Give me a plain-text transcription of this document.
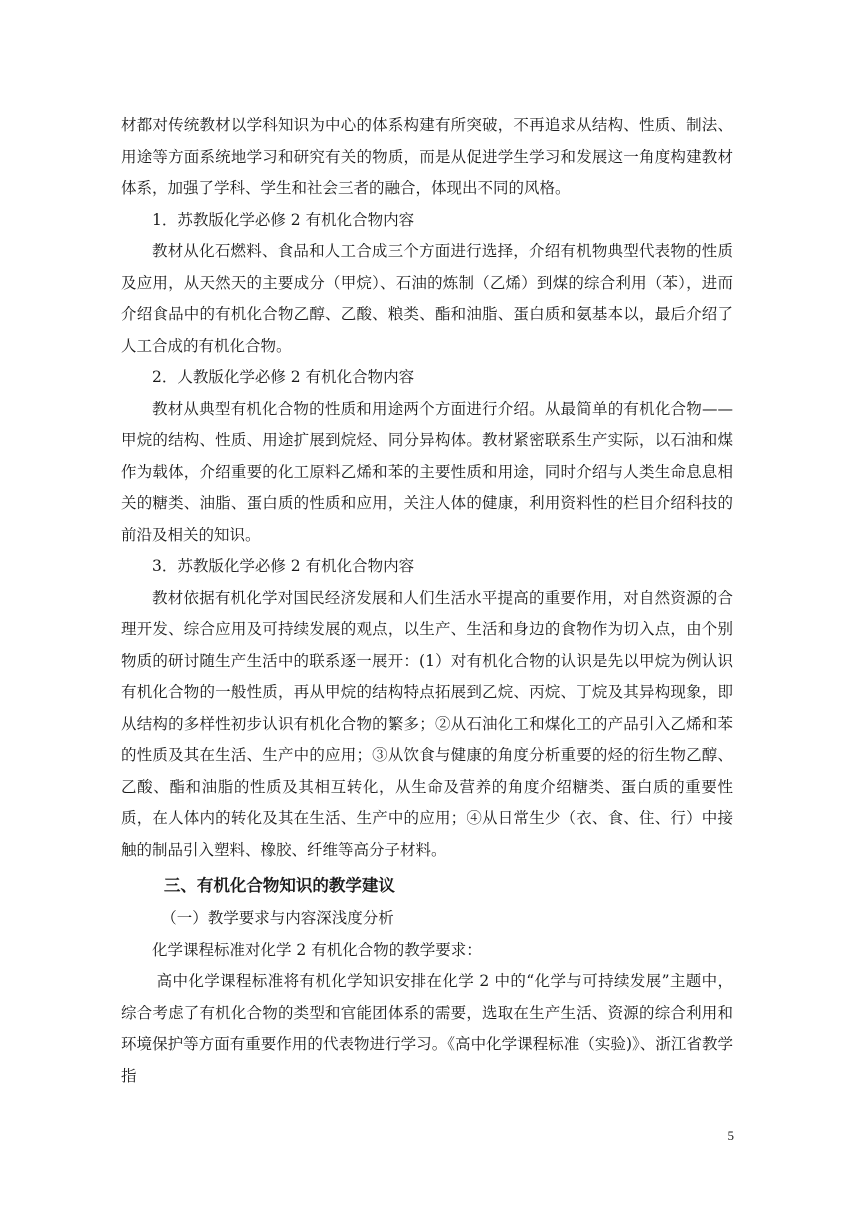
材都对传统教材以学科知识为中心的体系构建有所突破，不再追求从结构、性质、制法、用途等方面系统地学习和研究有关的物质，而是从促进学生学习和发展这一角度构建教材体系，加强了学科、学生和社会三者的融合，体现出不同的风格。

1．苏教版化学必修 2 有机化合物内容

教材从化石燃料、食品和人工合成三个方面进行选择，介绍有机物典型代表物的性质及应用，从天然天的主要成分（甲烷）、石油的炼制（乙烯）到煤的综合利用（苯），进而介绍食品中的有机化合物乙醇、乙酸、粮类、酯和油脂、蛋白质和氨基本以，最后介绍了人工合成的有机化合物。

2．人教版化学必修 2 有机化合物内容

教材从典型有机化合物的性质和用途两个方面进行介绍。从最简单的有机化合物——甲烷的结构、性质、用途扩展到烷烃、同分异构体。教材紧密联系生产实际，以石油和煤作为载体，介绍重要的化工原料乙烯和苯的主要性质和用途，同时介绍与人类生命息息相关的糖类、油脂、蛋白质的性质和应用，关注人体的健康，利用资料性的栏目介绍科技的前沿及相关的知识。

3．苏教版化学必修 2 有机化合物内容

教材依据有机化学对国民经济发展和人们生活水平提高的重要作用，对自然资源的合理开发、综合应用及可持续发展的观点，以生产、生活和身边的食物作为切入点，由个别物质的研讨随生产生活中的联系逐一展开：(1）对有机化合物的认识是先以甲烷为例认识有机化合物的一般性质，再从甲烷的结构特点拓展到乙烷、丙烷、丁烷及其异构现象，即从结构的多样性初步认识有机化合物的繁多；②从石油化工和煤化工的产品引入乙烯和苯的性质及其在生活、生产中的应用；③从饮食与健康的角度分析重要的烃的衍生物乙醇、乙酸、酯和油脂的性质及其相互转化，从生命及营养的角度介绍糖类、蛋白质的重要性质，在人体内的转化及其在生活、生产中的应用；④从日常生少（衣、食、住、行）中接触的制品引入塑料、橡胶、纤维等高分子材料。

三、有机化合物知识的教学建议

（一）教学要求与内容深浅度分析

化学课程标准对化学 2 有机化合物的教学要求：

高中化学课程标准将有机化学知识安排在化学 2 中的“化学与可持续发展”主题中，综合考虑了有机化合物的类型和官能团体系的需要，选取在生产生活、资源的综合利用和环境保护等方面有重要作用的代表物进行学习。《高中化学课程标准（实验)》、浙江省教学指

5
